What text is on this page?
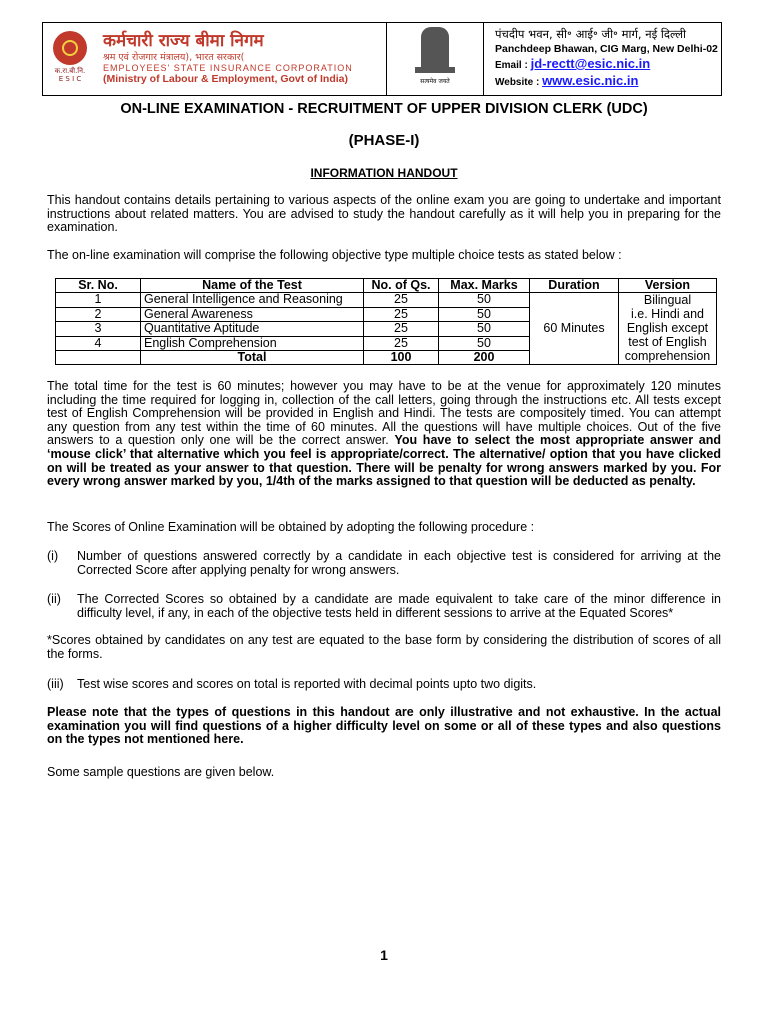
क.रा.बी.नि.
E S I C
कर्मचारी राज्य बीमा निगम
श्रम एवं रोजगार मंत्रालय), भारत सरकार(
EMPLOYEES' STATE INSURANCE CORPORATION
(Ministry of Labour & Employment, Govt of India)	सत्यमेव जयते
पंचदीप भवन, सी॰ आई॰ जी॰ मार्ग, नई दिल्ली
Panchdeep Bhawan, CIG Marg, New Delhi-02
Email : jd-rectt@esic.nic.in
Website : www.esic.nic.in
ON-LINE EXAMINATION - RECRUITMENT OF UPPER DIVISION CLERK (UDC)
(PHASE-I)
INFORMATION HANDOUT
This handout contains details pertaining to various aspects of the online exam you are going to undertake and important instructions about related matters. You are advised to study the handout carefully as it will help you in preparing for the examination.
The on-line examination will comprise the following objective type multiple choice tests as stated below :
Sr. No.	Name of the Test	No. of Qs.	Max. Marks	Duration	Version
1	General Intelligence and Reasoning	25	50	60 Minutes	Bilingual
i.e. Hindi and English except test of English comprehension
2	General Awareness	25	50		
3	Quantitative Aptitude	25	50		
4	English Comprehension	25	50		
	Total	100	200		
The total time for the test is 60 minutes; however you may have to be at the venue for approximately 120 minutes including the time required for logging in, collection of the call letters, going through the instructions etc. All tests except test of English Comprehension will be provided in English and Hindi. The tests are compositely timed. You can attempt any question from any test within the time of 60 minutes. All the questions will have multiple choices. Out of the five answers to a question only one will be the correct answer. You have to select the most appropriate answer and ‘mouse click’ that alternative which you feel is appropriate/correct. The alternative/ option that you have clicked on will be treated as your answer to that question. There will be penalty for wrong answers marked by you. For every wrong answer marked by you, 1/4th of the marks assigned to that question will be deducted as penalty.
The Scores of Online Examination will be obtained by adopting the following procedure :
(i) Number of questions answered correctly by a candidate in each objective test is considered for arriving at the Corrected Score after applying penalty for wrong answers.
(ii) The Corrected Scores so obtained by a candidate are made equivalent to take care of the minor difference in difficulty level, if any, in each of the objective tests held in different sessions to arrive at the Equated Scores*
*Scores obtained by candidates on any test are equated to the base form by considering the distribution of scores of all the forms.
(iii) Test wise scores and scores on total is reported with decimal points upto two digits.
Please note that the types of questions in this handout are only illustrative and not exhaustive. In the actual examination you will find questions of a higher difficulty level on some or all of these types and also questions on the types not mentioned here.
Some sample questions are given below.
1
